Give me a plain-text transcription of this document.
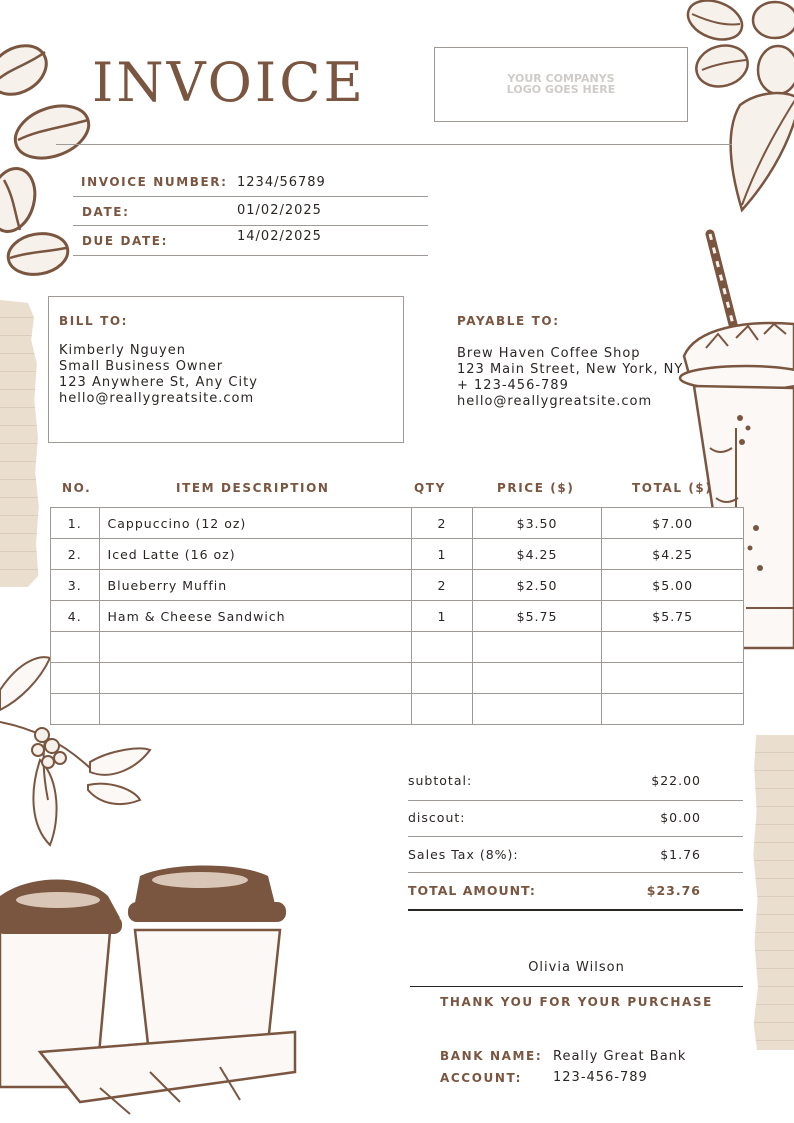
INVOICE	YOUR COMPANYS
LOGO GOES HERE
INVOICE NUMBER: 1234/56789
DATE:	01/02/2025
DUE DATE:	14/02/2025
BILL TO:
Kimberly Nguyen
Small Business Owner
123 Anywhere St, Any City
hello@reallygreatsite.com
PAYABLE TO:
Brew Haven Coffee Shop
123 Main Street, New York, NY
+ 123-456-789
hello@reallygreatsite.com
NO.	ITEM DESCRIPTION	QTY	PRICE ($)	TOTAL ($)
1.	Cappuccino (12 oz)	2	$3.50	$7.00
2.	Iced Latte (16 oz)	1	$4.25	$4.25
3.	Blueberry Muffin	2	$2.50	$5.00
4.	Ham & Cheese Sandwich	1	$5.75	$5.75

subtotal:	$22.00
discout:	$0.00
Sales Tax (8%):	$1.76
TOTAL AMOUNT:	$23.76
Olivia Wilson
THANK YOU FOR YOUR PURCHASE
BANK NAME: Really Great Bank
ACCOUNT: 123-456-789
